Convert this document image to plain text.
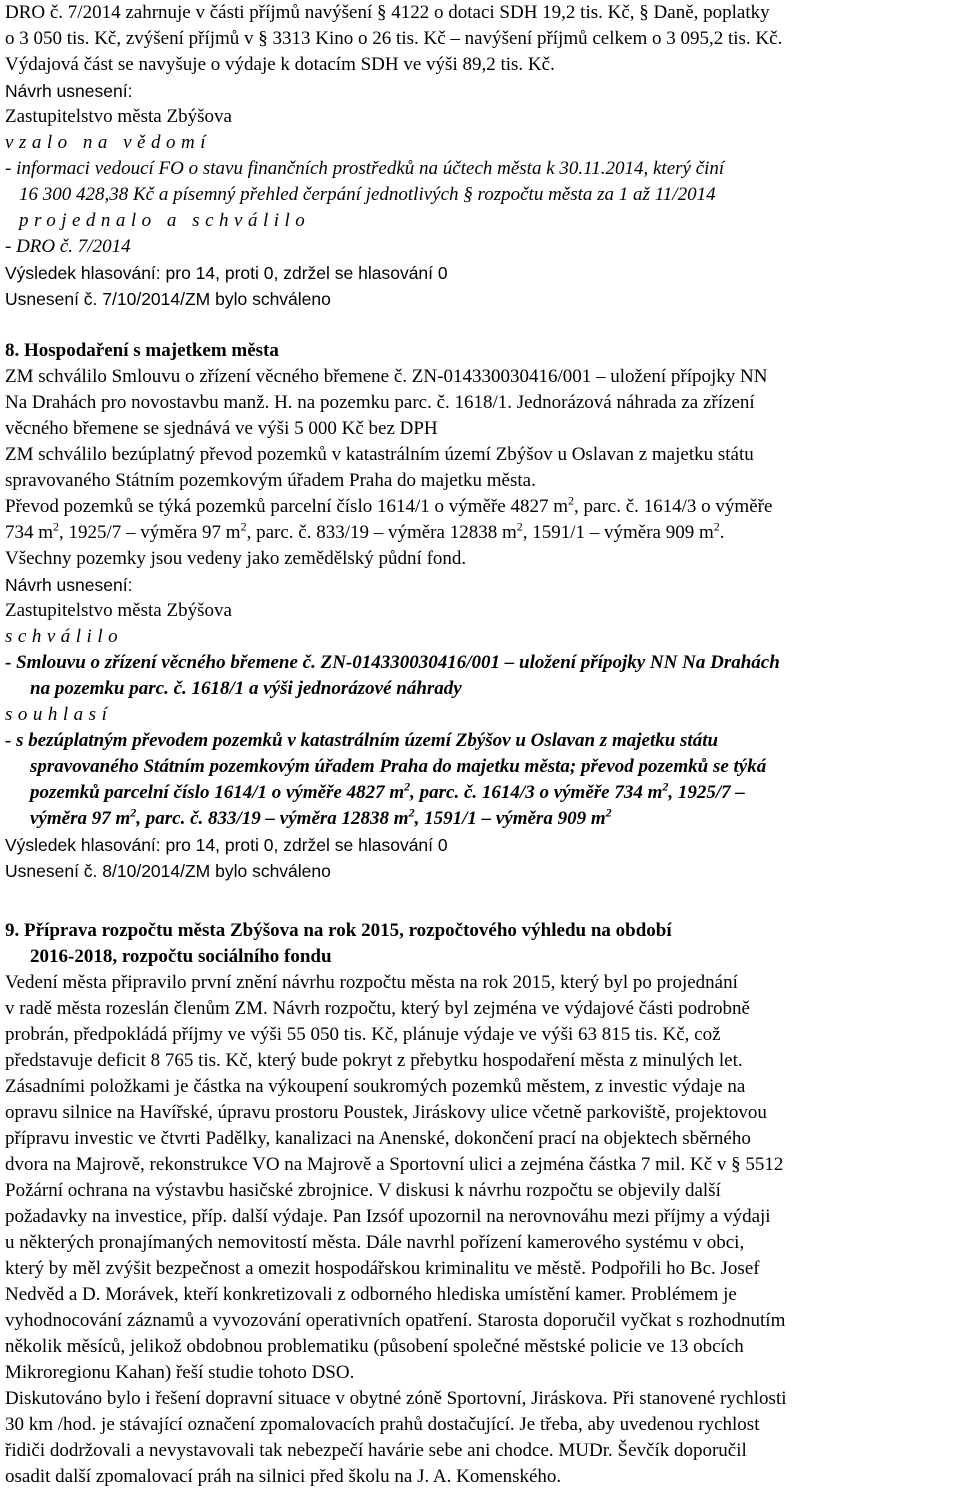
DRO č. 7/2014 zahrnuje v části příjmů navýšení § 4122 o dotaci SDH 19,2 tis. Kč, § Daně, poplatky
o 3 050 tis. Kč, zvýšení příjmů v § 3313 Kino o 26 tis. Kč – navýšení příjmů celkem o 3 095,2 tis. Kč.
Výdajová část se navyšuje o výdaje k dotacím SDH ve výši 89,2 tis. Kč.
Návrh usnesení:
Zastupitelstvo města Zbýšova
vzalo na vědomí
- informaci vedoucí FO o stavu finančních prostředků na účtech města k 30.11.2014, který činí
16 300 428,38 Kč a písemný přehled čerpání jednotlivých § rozpočtu města za 1 až 11/2014
projednalo a schválilo
- DRO č. 7/2014
Výsledek hlasování: pro 14, proti 0, zdržel se hlasování 0
Usnesení č. 7/10/2014/ZM bylo schváleno
8. Hospodaření s majetkem města
ZM schválilo Smlouvu o zřízení věcného břemene č. ZN-014330030416/001 – uložení přípojky NN
Na Drahách pro novostavbu manž. H. na pozemku parc. č. 1618/1. Jednorázová náhrada za zřízení
věcného břemene se sjednává ve výši 5 000 Kč bez DPH
ZM schválilo bezúplatný převod pozemků v katastrálním území Zbýšov u Oslavan z majetku státu
spravovaného Státním pozemkovým úřadem Praha do majetku města.
Převod pozemků se týká pozemků parcelní číslo 1614/1 o výměře 4827 $m^2$, parc. č. 1614/3 o výměře
734 $m^2$, 1925/7 – výměra 97 $m^2$, parc. č. 833/19 – výměra 12838 $m^2$, 1591/1 – výměra 909 $m^2$.
Všechny pozemky jsou vedeny jako zemědělský půdní fond.
Návrh usnesení:
Zastupitelstvo města Zbýšova
schválilo
- Smlouvu o zřízení věcného břemene č. ZN-014330030416/001 – uložení přípojky NN Na Drahách
na pozemku parc. č. 1618/1 a výši jednorázové náhrady
souhlasí
- s bezúplatným převodem pozemků v katastrálním území Zbýšov u Oslavan z majetku státu
spravovaného Státním pozemkovým úřadem Praha do majetku města; převod pozemků se týká
pozemků parcelní číslo 1614/1 o výměře 4827 $m^2$, parc. č. 1614/3 o výměře 734 $m^2$, 1925/7 –
výměra 97 $m^2$, parc. č. 833/19 – výměra 12838 $m^2$, 1591/1 – výměra 909 $m^2$
Výsledek hlasování: pro 14, proti 0, zdržel se hlasování 0
Usnesení č. 8/10/2014/ZM bylo schváleno
9. Příprava rozpočtu města Zbýšova na rok 2015, rozpočtového výhledu na období
2016-2018, rozpočtu sociálního fondu
Vedení města připravilo první znění návrhu rozpočtu města na rok 2015, který byl po projednání
v radě města rozeslán členům ZM. Návrh rozpočtu, který byl zejména ve výdajové části podrobně
probrán, předpokládá příjmy ve výši 55 050 tis. Kč, plánuje výdaje ve výši 63 815 tis. Kč, což
představuje deficit 8 765 tis. Kč, který bude pokryt z přebytku hospodaření města z minulých let.
Zásadními položkami je částka na výkoupení soukromých pozemků městem, z investic výdaje na
opravu silnice na Havířské, úpravu prostoru Poustek, Jiráskovy ulice včetně parkoviště, projektovou
přípravu investic ve čtvrti Padělky, kanalizaci na Anenské, dokončení prací na objektech sběrného
dvora na Majrově, rekonstrukce VO na Majrově a Sportovní ulici a zejména částka 7 mil. Kč v § 5512
Požární ochrana na výstavbu hasičské zbrojnice. V diskusi k návrhu rozpočtu se objevily další
požadavky na investice, příp. další výdaje. Pan Izsóf upozornil na nerovnováhu mezi příjmy a výdaji
u některých pronajímaných nemovitostí města. Dále navrhl pořízení kamerového systému v obci,
který by měl zvýšit bezpečnost a omezit hospodářskou kriminalitu ve městě. Podpořili ho Bc. Josef
Nedvěd a D. Morávek, kteří konkretizovali z odborného hlediska umístění kamer. Problémem je
vyhodnocování záznamů a vyvozování operativních opatření. Starosta doporučil vyčkat s rozhodnutím
několik měsíců, jelikož obdobnou problematiku (působení společné městské policie ve 13 obcích
Mikroregionu Kahan) řeší studie tohoto DSO.
Diskutováno bylo i řešení dopravní situace v obytné zóně Sportovní, Jiráskova. Při stanovené rychlosti
30 km /hod. je stávající označení zpomalovacích prahů dostačující. Je třeba, aby uvedenou rychlost
řidiči dodržovali a nevystavovali tak nebezpečí havárie sebe ani chodce. MUDr. Ševčík doporučil
osadit další zpomalovací práh na silnici před školu na J. A. Komenského.
